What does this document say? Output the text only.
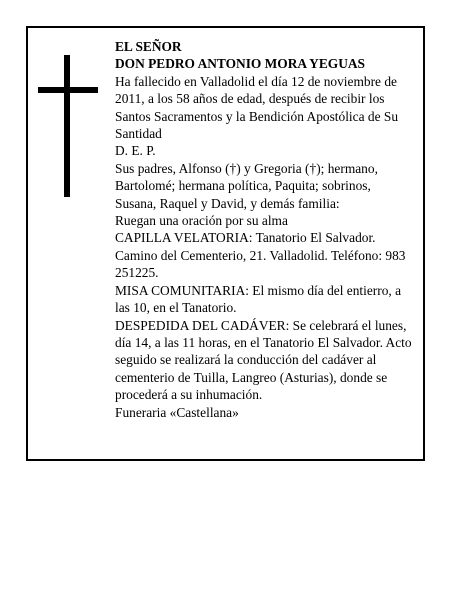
EL SEÑOR

DON PEDRO ANTONIO MORA YEGUAS

Ha fallecido en Valladolid el día 12 de noviembre de 2011, a los 58 años de edad, después de recibir los Santos Sacramentos y la Bendición Apostólica de Su Santidad

D. E. P.

Sus padres, Alfonso (†) y Gregoria (†); hermano, Bartolomé; hermana política, Paquita; sobrinos, Susana, Raquel y David, y demás familia:

Ruegan una oración por su alma

CAPILLA VELATORIA: Tanatorio El Salvador. Camino del Cementerio, 21. Valladolid. Teléfono: 983 251225.

MISA COMUNITARIA: El mismo día del entierro, a las 10, en el Tanatorio.

DESPEDIDA DEL CADÁVER: Se celebrará el lunes, día 14, a las 11 horas, en el Tanatorio El Salvador. Acto seguido se realizará la conducción del cadáver al cementerio de Tuilla, Langreo (Asturias), donde se procederá a su inhumación.

Funeraria «Castellana»
